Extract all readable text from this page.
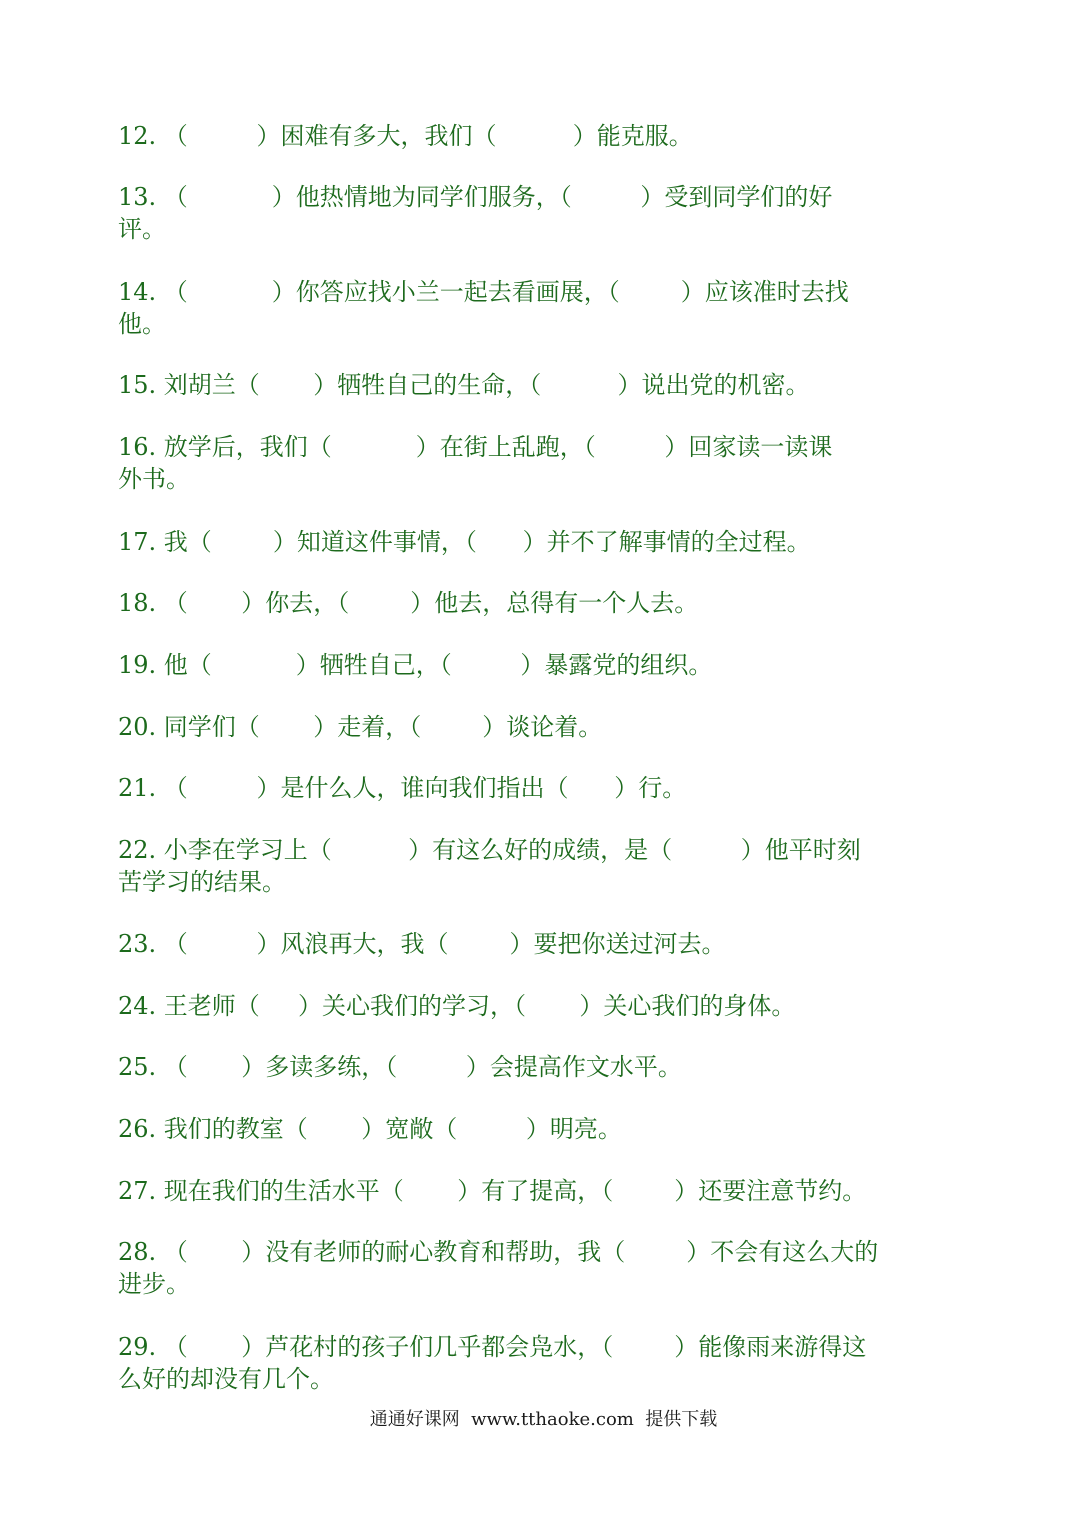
12. （         ）困难有多大，我们（          ）能克服。
13. （           ）他热情地为同学们服务，（         ）受到同学们的好
评。
14. （           ）你答应找小兰一起去看画展，（        ）应该准时去找
他。
15. 刘胡兰（       ）牺牲自己的生命，（          ）说出党的机密。
16. 放学后，我们（           ）在街上乱跑，（         ）回家读一读课
外书。
17. 我（        ）知道这件事情，（      ）并不了解事情的全过程。
18. （       ）你去，（        ）他去，总得有一个人去。
19. 他（           ）牺牲自己，（         ）暴露党的组织。
20. 同学们（       ）走着，（        ）谈论着。
21. （         ）是什么人，谁向我们指出（      ）行。
22. 小李在学习上（          ）有这么好的成绩，是（         ）他平时刻
苦学习的结果。
23. （         ）风浪再大，我（        ）要把你送过河去。
24. 王老师（     ）关心我们的学习，（       ）关心我们的身体。
25. （       ）多读多练，（         ）会提高作文水平。
26. 我们的教室（       ）宽敞（         ）明亮。
27. 现在我们的生活水平（       ）有了提高，（        ）还要注意节约。
28. （       ）没有老师的耐心教育和帮助，我（        ）不会有这么大的
进步。
29. （       ）芦花村的孩子们几乎都会凫水，（        ）能像雨来游得这
么好的却没有几个。
通通好课网  www.tthaoke.com  提供下载
